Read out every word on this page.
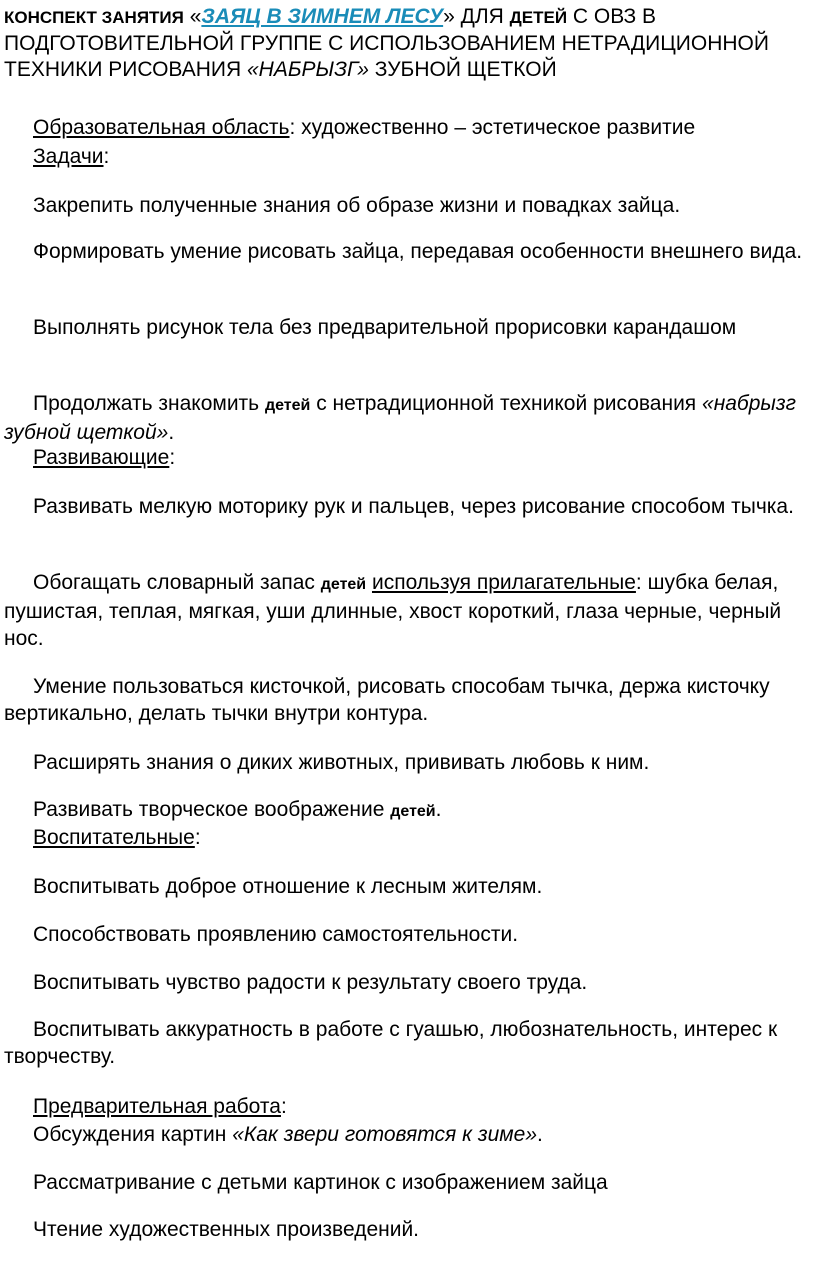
КОНСПЕКТ ЗАНЯТИЯ «ЗАЯЦ В ЗИМНЕМ ЛЕСУ» ДЛЯ ДЕТЕЙ С ОВЗ В ПОДГОТОВИТЕЛЬНОЙ ГРУППЕ С ИСПОЛЬЗОВАНИЕМ НЕТРАДИЦИОННОЙ ТЕХНИКИ РИСОВАНИЯ «НАБРЫЗГ» ЗУБНОЙ ЩЕТКОЙ

Образовательная область: художественно – эстетическое развитие

Задачи:

Закрепить полученные знания об образе жизни и повадках зайца.

Формировать умение рисовать зайца, передавая особенности внешнего вида.

Выполнять рисунок тела без предварительной прорисовки карандашом

Продолжать знакомить детей с нетрадиционной техникой рисования «набрызг зубной щеткой».

Развивающие:

Развивать мелкую моторику рук и пальцев, через рисование способом тычка.

Обогащать словарный запас детей используя прилагательные: шубка белая, пушистая, теплая, мягкая, уши длинные, хвост короткий, глаза черные, черный нос.

Умение пользоваться кисточкой, рисовать способам тычка, держа кисточку вертикально, делать тычки внутри контура.

Расширять знания о диких животных, прививать любовь к ним.

Развивать творческое воображение детей.

Воспитательные:

Воспитывать доброе отношение к лесным жителям.

Способствовать проявлению самостоятельности.

Воспитывать чувство радости к результату своего труда.

Воспитывать аккуратность в работе с гуашью, любознательность, интерес к творчеству.

Предварительная работа:

Обсуждения картин «Как звери готовятся к зиме».

Рассматривание с детьми картинок с изображением зайца

Чтение художественных произведений.
